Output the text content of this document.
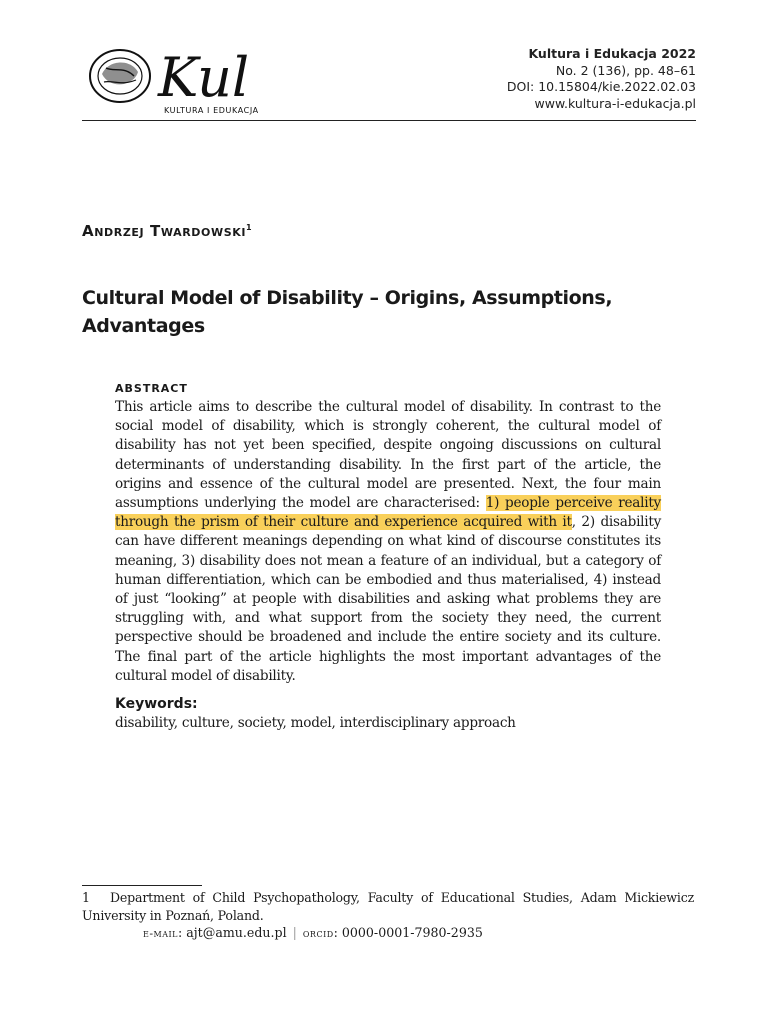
Kul
KULTURA I EDUKACJA
Kultura i Edukacja 2022
No. 2 (136), pp. 48–61
DOI: 10.15804/kie.2022.02.03
www.kultura-i-edukacja.pl
Andrzej Twardowski$^1$
Cultural Model of Disability – Origins, Assumptions, Advantages

ABSTRACT

This article aims to describe the cultural model of disability. In contrast to the social model of disability, which is strongly coherent, the cultural model of disability has not yet been specified, despite ongoing discussions on cultural determinants of understanding disability. In the first part of the article, the origins and essence of the cultural model are presented. Next, the four main assumptions underlying the model are characterised: 1) people perceive reality through the prism of their culture and experience acquired with it, 2) disability can have different meanings depending on what kind of discourse constitutes its meaning, 3) disability does not mean a feature of an individual, but a category of human differentiation, which can be embodied and thus materialised, 4) instead of just “looking” at people with disabilities and asking what problems they are struggling with, and what support from the society they need, the current perspective should be broadened and include the entire society and its culture. The final part of the article highlights the most important advantages of the cultural model of disability.

Keywords:

disability, culture, society, model, interdisciplinary approach

1 Department of Child Psychopathology, Faculty of Educational Studies, Adam Mickiewicz University in Poznań, Poland.
e-mail: ajt@amu.edu.pl | orcid: 0000-0001-7980-2935
